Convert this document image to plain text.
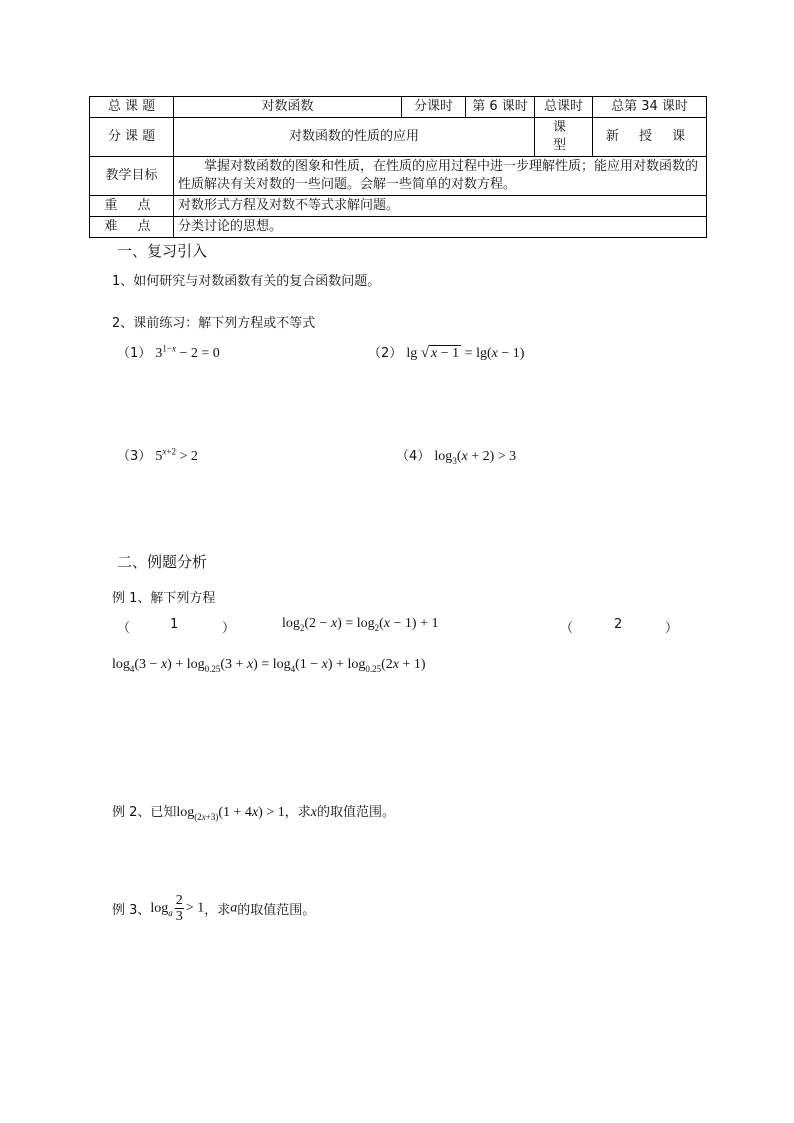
总 课 题	对数函数	分课时	第 6 课时	总课时	总第 34 课时
分 课 题	对数函数的性质的应用			课 型	新 授 课
教学目标	掌握对数函数的图象和性质，在性质的应用过程中进一步理解性质；能应用对数函数的性质解决有关对数的一些问题。会解一些简单的对数方程。				
重 点	对数形式方程及对数不等式求解问题。				
难 点	分类讨论的思想。				
一、复习引入
1、如何研究与对数函数有关的复合函数问题。
2、课前练习：解下列方程或不等式
（1） $3^{1-x} - 2 = 0$	（2） lg √ x − 1 = lg(x − 1)
（3） $5^{x+2} > 2$	（4） $\log_3(x + 2) > 3$
二、例题分析
例 1、解下列方程
（	1	）	$\log_2(2 - x) = \log_2(x - 1) + 1$	（	2	）
$\log_4(3 - x) + \log_{0.25}(3 + x) = \log_4(1 - x) + \log_{0.25}(2x + 1)$
例 2、已知$\log_{(2x+3)}(1 + 4x) > 1$，求x的取值范围。
例 3、$\log_a \frac{2}{3} > 1$，求a的取值范围。
